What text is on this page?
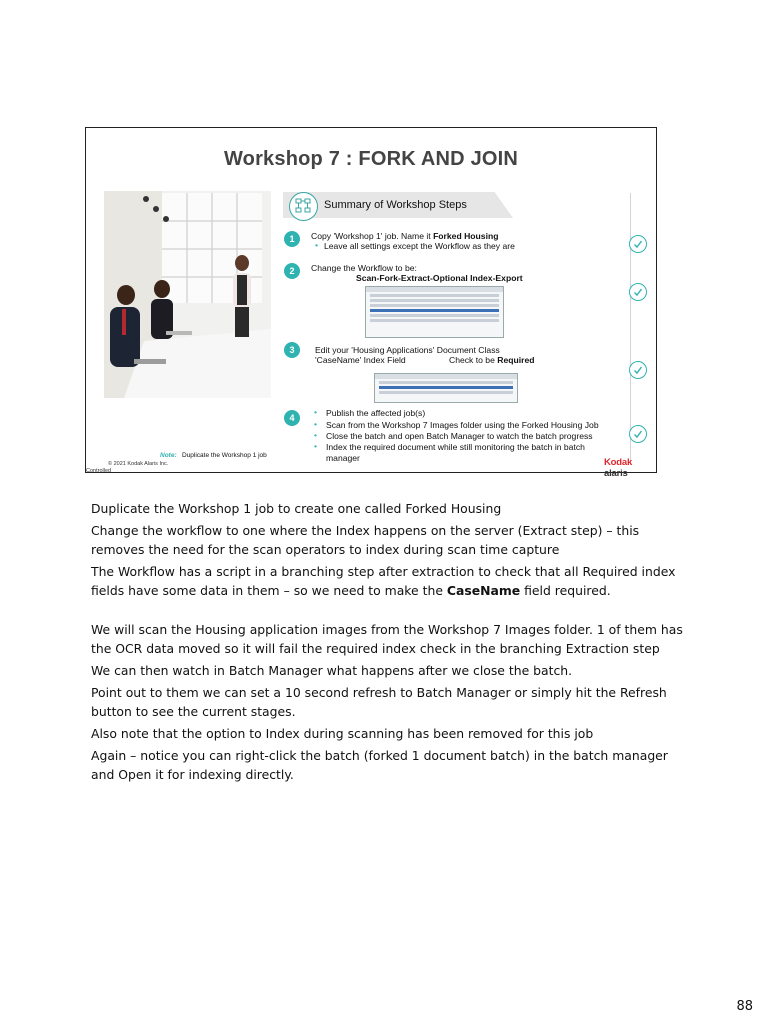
Workshop 7 : FORK AND JOIN
Summary of Workshop Steps
1	Copy 'Workshop 1' job. Name it Forked Housing
• Leave all settings except the Workflow as they are
2	Change the Workflow to be:
Scan-Fork-Extract-Optional Index-Export
3	Edit your 'Housing Applications' Document Class
'CaseName' Index Field	Check to be Required
4
• Publish the affected job(s)
• Scan from the Workshop 7 Images folder using the Forked Housing Job
• Close the batch and open Batch Manager to watch the batch progress
• Index the required document while still monitoring the batch in batch
manager
Note: Duplicate the Workshop 1 job
© 2021 Kodak Alaris Inc.	Kodak alaris
Controlled

Duplicate the Workshop 1 job to create one called Forked Housing

Change the workflow to one where the Index happens on the server (Extract step) – this removes the need for the scan operators to index during scan time capture

The Workflow has a script in a branching step after extraction to check that all Required index fields have some data in them – so we need to make the CaseName field required.

We will scan the Housing application images from the Workshop 7 Images folder. 1 of them has the OCR data moved so it will fail the required index check in the branching Extraction step

We can then watch in Batch Manager what happens after we close the batch.

Point out to them we can set a 10 second refresh to Batch Manager or simply hit the Refresh button to see the current stages.

Also note that the option to Index during scanning has been removed for this job

Again – notice you can right-click the batch (forked 1 document batch) in the batch manager and Open it for indexing directly.

88
